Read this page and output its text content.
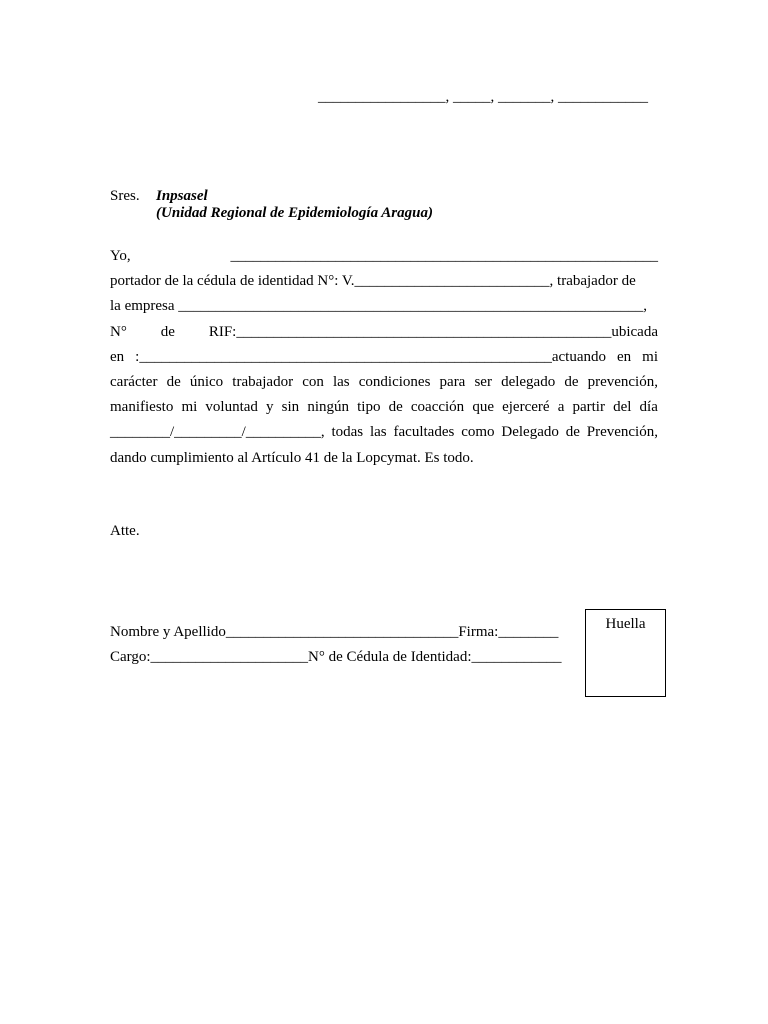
_________________, _____, _______, ____________
Sres. Inpsasel
(Unidad Regional de Epidemiología Aragua)
Yo,	_________________________________________________________
portador de la cédula de identidad N°: V.__________________________, trabajador de
la empresa ______________________________________________________________,
N° de RIF:__________________________________________________ubicada
en :_______________________________________________________actuando en mi
carácter de único trabajador con las condiciones para ser delegado de prevención,
manifiesto mi voluntad y sin ningún tipo de coacción que ejerceré a partir del día
________/_________/__________, todas las facultades como Delegado de Prevención,
dando cumplimiento al Artículo 41 de la Lopcymat. Es todo.
Atte.
Nombre y Apellido_______________________________Firma:________
Cargo:_____________________N° de Cédula de Identidad:____________
Huella
